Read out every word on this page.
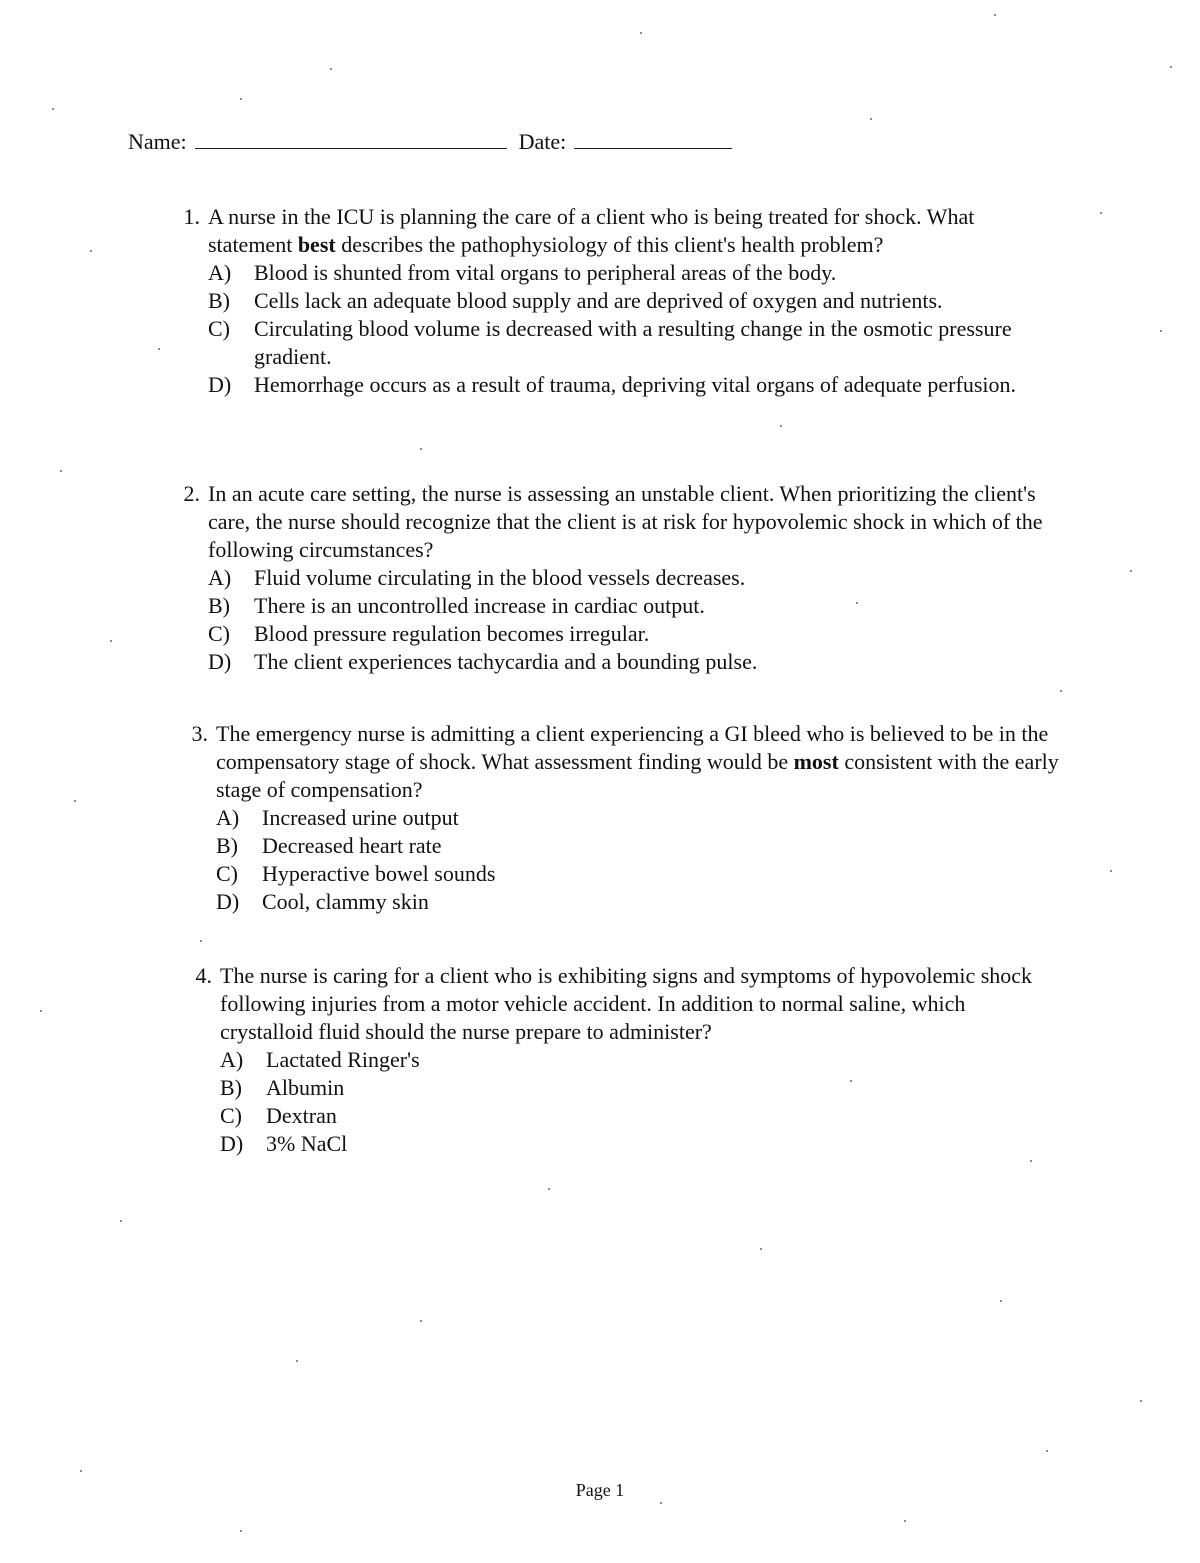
Name:	Date:
1. A nurse in the ICU is planning the care of a client who is being treated for shock. What statement best describes the pathophysiology of this client's health problem?
A)	Blood is shunted from vital organs to peripheral areas of the body.
B)	Cells lack an adequate blood supply and are deprived of oxygen and nutrients.
C)	Circulating blood volume is decreased with a resulting change in the osmotic pressure gradient.
D)	Hemorrhage occurs as a result of trauma, depriving vital organs of adequate perfusion.
2. In an acute care setting, the nurse is assessing an unstable client. When prioritizing the client's care, the nurse should recognize that the client is at risk for hypovolemic shock in which of the following circumstances?
A)	Fluid volume circulating in the blood vessels decreases.
B)	There is an uncontrolled increase in cardiac output.
C)	Blood pressure regulation becomes irregular.
D)	The client experiences tachycardia and a bounding pulse.
3. The emergency nurse is admitting a client experiencing a GI bleed who is believed to be in the compensatory stage of shock. What assessment finding would be most consistent with the early stage of compensation?
A)	Increased urine output
B)	Decreased heart rate
C)	Hyperactive bowel sounds
D)	Cool, clammy skin
4. The nurse is caring for a client who is exhibiting signs and symptoms of hypovolemic shock following injuries from a motor vehicle accident. In addition to normal saline, which crystalloid fluid should the nurse prepare to administer?
A)	Lactated Ringer's
B)	Albumin
C)	Dextran
D)	3% NaCl
Page 1
